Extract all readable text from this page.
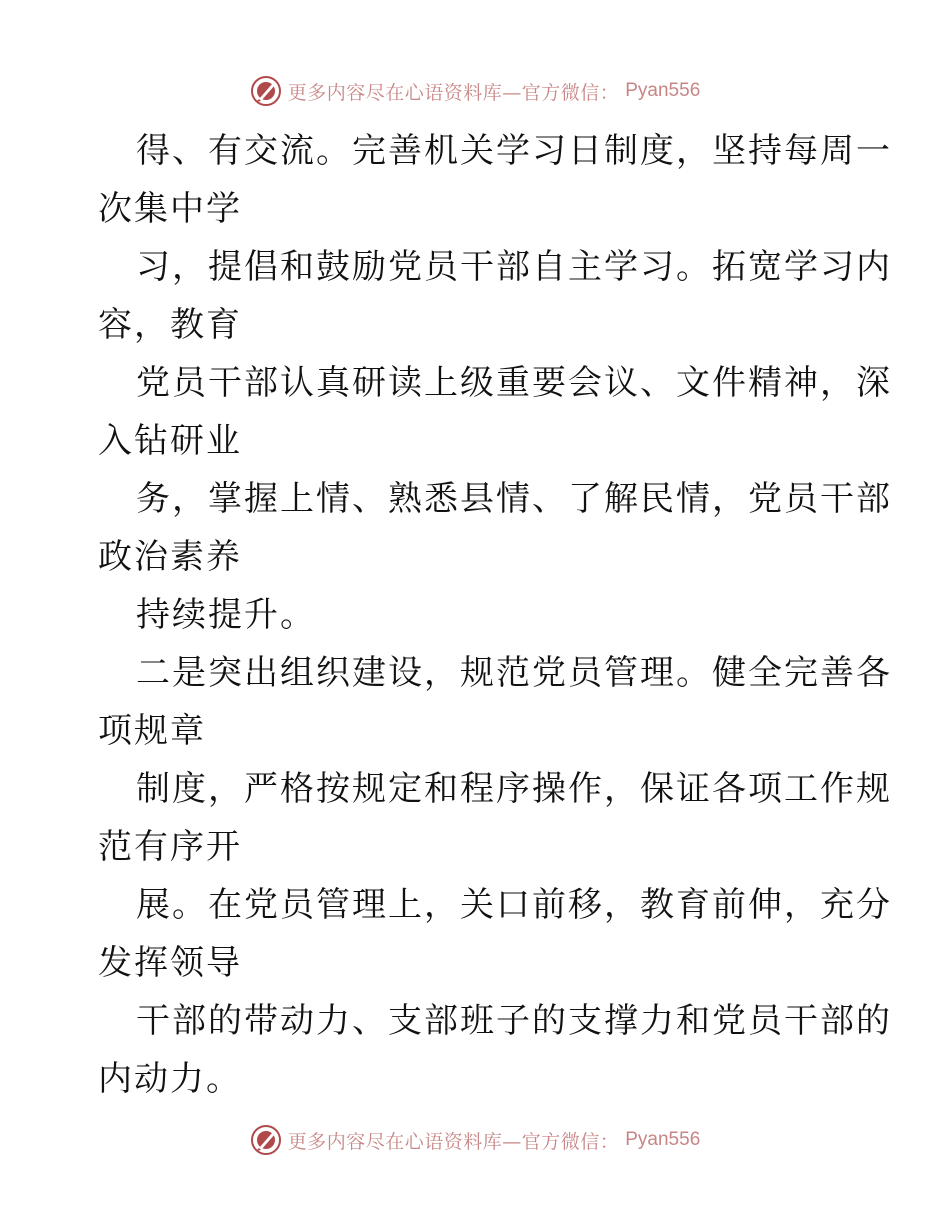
更多内容尽在心语资料库—官方微信： Pyan556
得、有交流。完善机关学习日制度，坚持每周一
次集中学
习，提倡和鼓励党员干部自主学习。拓宽学习内
容，教育
党员干部认真研读上级重要会议、文件精神，深
入钻研业
务，掌握上情、熟悉县情、了解民情，党员干部
政治素养
持续提升。
二是突出组织建设，规范党员管理。健全完善各
项规章
制度，严格按规定和程序操作，保证各项工作规
范有序开
展。在党员管理上，关口前移，教育前伸，充分
发挥领导
干部的带动力、支部班子的支撑力和党员干部的
内动力。
更多内容尽在心语资料库—官方微信： Pyan556
